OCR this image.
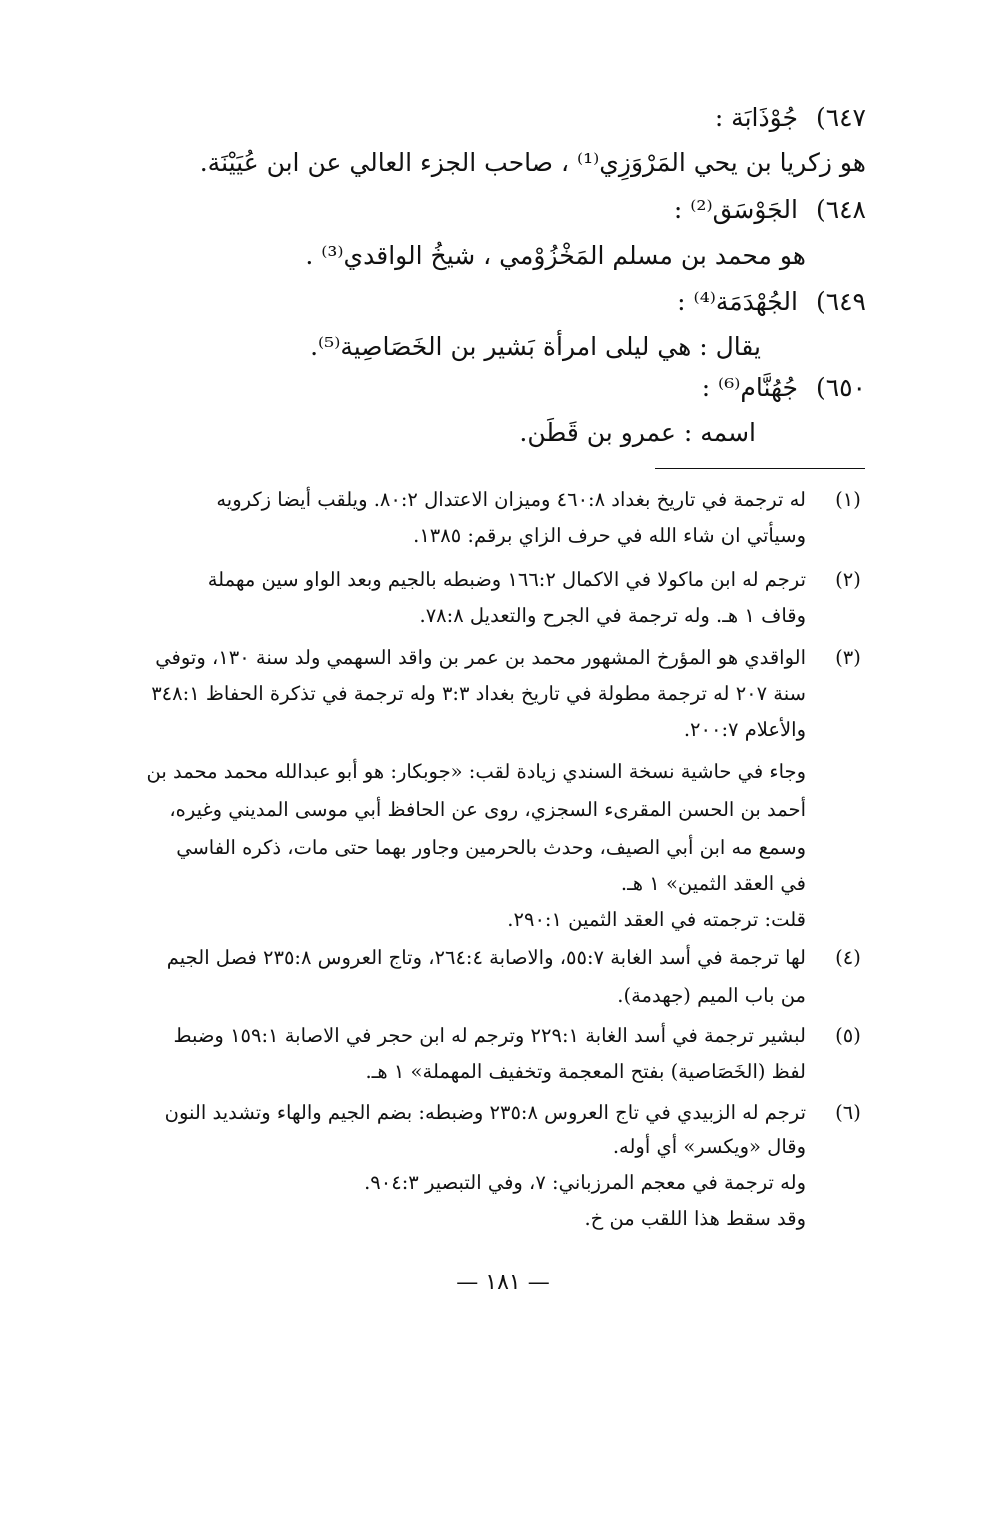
٦٤٧)جُوْذَابَة :
هو زكريا بن يحي المَرْوَزِي⁽¹⁾ ، صاحب الجزء العالي عن ابن عُيَيْنَة.
٦٤٨)الجَوْسَق⁽²⁾ :
هو محمد بن مسلم المَخْزُوْمي ، شيخُ الواقدي⁽³⁾ .
٦٤٩)الجُهْدَمَة⁽⁴⁾ :
يقال : هي ليلى امرأة بَشير بن الخَصَاصِية⁽⁵⁾.
٦٥٠)جُهُنَّام⁽⁶⁾ :
اسمه : عمرو بن قَطَن.
(١)
له ترجمة في تاريخ بغداد ٤٦٠:٨ وميزان الاعتدال ٨٠:٢. ويلقب أيضا زكرويه
وسيأتي ان شاء الله في حرف الزاي برقم: ١٣٨٥.
(٢)
ترجم له ابن ماكولا في الاكمال ١٦٦:٢ وضبطه بالجيم وبعد الواو سين مهملة
وقاف ١ هـ. وله ترجمة في الجرح والتعديل ٧٨:٨.
(٣)
الواقدي هو المؤرخ المشهور محمد بن عمر بن واقد السهمي ولد سنة ١٣٠، وتوفي
سنة ٢٠٧ له ترجمة مطولة في تاريخ بغداد ٣:٣ وله ترجمة في تذكرة الحفاظ ٣٤٨:١
والأعلام ٢٠٠:٧.
وجاء في حاشية نسخة السندي زيادة لقب: «جوبكار: هو أبو عبدالله محمد محمد بن
أحمد بن الحسن المقرىء السجزي، روى عن الحافظ أبي موسى المديني وغيره،
وسمع مه ابن أبي الصيف، وحدث بالحرمين وجاور بهما حتى مات، ذكره الفاسي
في العقد الثمين» ١ هـ.
قلت: ترجمته في العقد الثمين ٢٩٠:١.
(٤)
لها ترجمة في أسد الغابة ٥٥:٧، والاصابة ٢٦٤:٤، وتاج العروس ٢٣٥:٨ فصل الجيم
من باب الميم (جهدمة).
(٥)
لبشير ترجمة في أسد الغابة ٢٢٩:١ وترجم له ابن حجر في الاصابة ١٥٩:١ وضبط
لفظ (الخَصَاصية) بفتح المعجمة وتخفيف المهملة» ١ هـ.
(٦)
ترجم له الزبيدي في تاج العروس ٢٣٥:٨ وضبطه: بضم الجيم والهاء وتشديد النون
وقال «ويكسر» أي أوله.
وله ترجمة في معجم المرزباني: ٧، وفي التبصير ٩٠٤:٣.
وقد سقط هذا اللقب من خ.
— ١٨١ —
